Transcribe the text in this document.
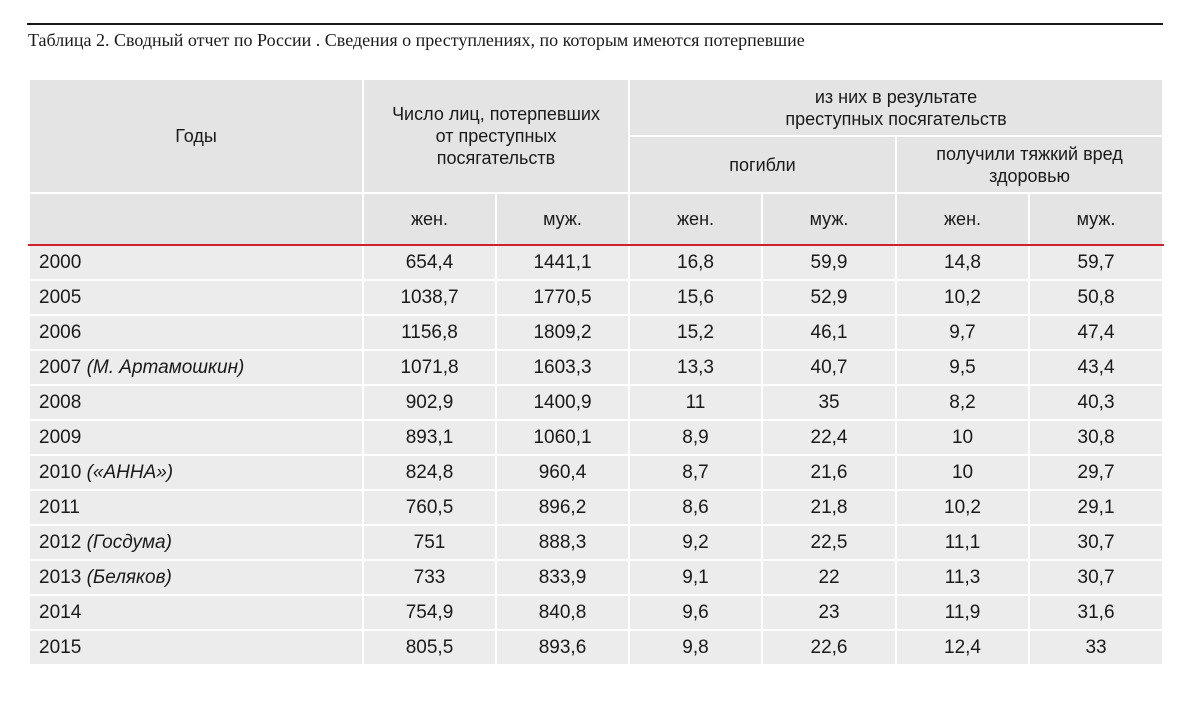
Таблица 2. Сводный отчет по России . Сведения о преступлениях, по которым имеются потерпевшие
Годы	Число лиц, потерпевших
от преступных
посягательств		из них в результате
преступных посягательств			
			погибли		получили тяжкий вред
здоровью	
	жен.	муж.	жен.	муж.	жен.	муж.
2000	654,4	1441,1	16,8	59,9	14,8	59,7
2005	1038,7	1770,5	15,6	52,9	10,2	50,8
2006	1156,8	1809,2	15,2	46,1	9,7	47,4
2007 (М. Артамошкин)	1071,8	1603,3	13,3	40,7	9,5	43,4
2008	902,9	1400,9	11	35	8,2	40,3
2009	893,1	1060,1	8,9	22,4	10	30,8
2010 («АННА»)	824,8	960,4	8,7	21,6	10	29,7
2011	760,5	896,2	8,6	21,8	10,2	29,1
2012 (Госдума)	751	888,3	9,2	22,5	11,1	30,7
2013 (Беляков)	733	833,9	9,1	22	11,3	30,7
2014	754,9	840,8	9,6	23	11,9	31,6
2015	805,5	893,6	9,8	22,6	12,4	33
